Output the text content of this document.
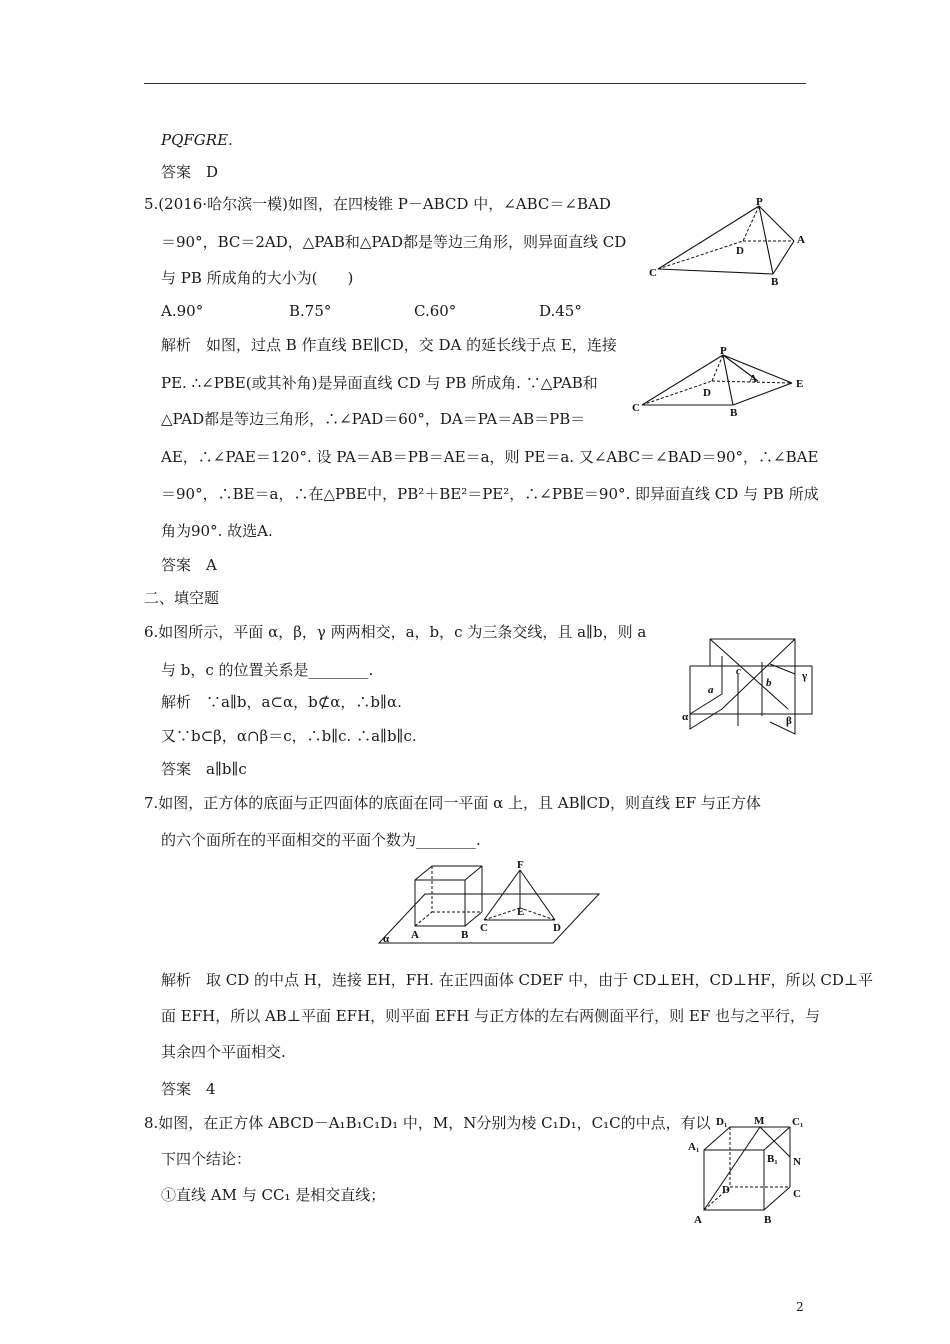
PQFGRE.
答案　D
5.(2016·哈尔滨一模)如图，在四棱锥 P－ABCD 中，∠ABC＝∠BAD
＝90°，BC＝2AD，△PAB和△PAD都是等边三角形，则异面直线 CD
与 PB 所成角的大小为(　　)
A.90°	B.75°	C.60°	D.45°
解析　如图，过点 B 作直线 BE∥CD，交 DA 的延长线于点 E，连接
PE. ∴∠PBE(或其补角)是异面直线 CD 与 PB 所成角. ∵△PAB和
△PAD都是等边三角形，∴∠PAD＝60°，DA＝PA＝AB＝PB＝
AE，∴∠PAE＝120°. 设 PA＝AB＝PB＝AE＝a，则 PE＝a. 又∠ABC＝∠BAD＝90°，∴∠BAE
＝90°，∴BE＝a，∴在△PBE中，PB²＋BE²＝PE²，∴∠PBE＝90°. 即异面直线 CD 与 PB 所成
角为90°. 故选A.
答案　A
二、填空题
6.如图所示，平面 α，β，γ 两两相交，a，b，c 为三条交线，且 a∥b，则 a
与 b，c 的位置关系是________.
解析　∵a∥b，a⊂α，b⊄α，∴b∥α.
又∵b⊂β，α∩β＝c，∴b∥c. ∴a∥b∥c.
答案　a∥b∥c
7.如图，正方体的底面与正四面体的底面在同一平面 α 上，且 AB∥CD，则直线 EF 与正方体
的六个面所在的平面相交的平面个数为________.
解析　取 CD 的中点 H，连接 EH，FH. 在正四面体 CDEF 中，由于 CD⊥EH，CD⊥HF，所以 CD⊥平
面 EFH，所以 AB⊥平面 EFH，则平面 EFH 与正方体的左右两侧面平行，则 EF 也与之平行，与
其余四个平面相交.
答案　4
8.如图，在正方体 ABCD－A₁B₁C₁D₁ 中，M，N分别为棱 C₁D₁，C₁C的中点，有以
下四个结论：
①直线 AM 与 CC₁ 是相交直线；
P
A
B
C
D
P
A
B
C
D
E
a
b
c
α	β
γ
F
E
A	B
C	D
α
D₁ M	C₁
A₁
B₁ N
D	C
A	B
2
